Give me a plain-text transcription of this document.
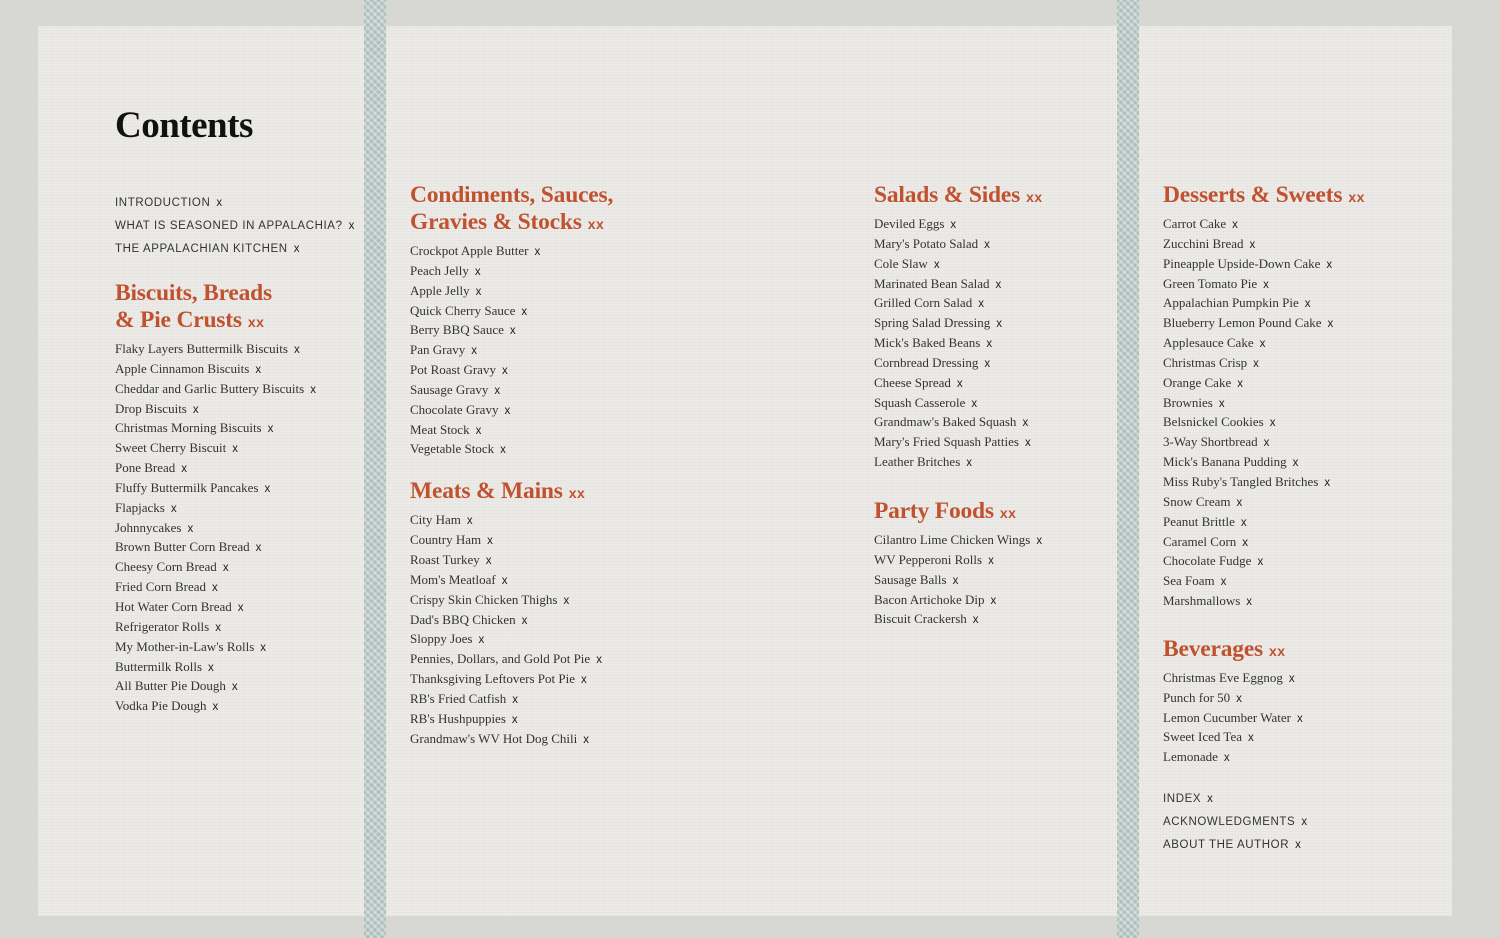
Contents
INTRODUCTION x
WHAT IS SEASONED IN APPALACHIA? x
THE APPALACHIAN KITCHEN x
Biscuits, Breads
& Pie Crusts xx
Flaky Layers Buttermilk Biscuits x
Apple Cinnamon Biscuits x
Cheddar and Garlic Buttery Biscuits x
Drop Biscuits x
Christmas Morning Biscuits x
Sweet Cherry Biscuit x
Pone Bread x
Fluffy Buttermilk Pancakes x
Flapjacks x
Johnnycakes x
Brown Butter Corn Bread x
Cheesy Corn Bread x
Fried Corn Bread x
Hot Water Corn Bread x
Refrigerator Rolls x
My Mother-in-Law's Rolls x
Buttermilk Rolls x
All Butter Pie Dough x
Vodka Pie Dough x
Condiments, Sauces,
Gravies & Stocks xx
Crockpot Apple Butter x
Peach Jelly x
Apple Jelly x
Quick Cherry Sauce x
Berry BBQ Sauce x
Pan Gravy x
Pot Roast Gravy x
Sausage Gravy x
Chocolate Gravy x
Meat Stock x
Vegetable Stock x
Meats & Mains xx
City Ham x
Country Ham x
Roast Turkey x
Mom's Meatloaf x
Crispy Skin Chicken Thighs x
Dad's BBQ Chicken x
Sloppy Joes x
Pennies, Dollars, and Gold Pot Pie x
Thanksgiving Leftovers Pot Pie x
RB's Fried Catfish x
RB's Hushpuppies x
Grandmaw's WV Hot Dog Chili x
Salads & Sides xx
Deviled Eggs x
Mary's Potato Salad x
Cole Slaw x
Marinated Bean Salad x
Grilled Corn Salad x
Spring Salad Dressing x
Mick's Baked Beans x
Cornbread Dressing x
Cheese Spread x
Squash Casserole x
Grandmaw's Baked Squash x
Mary's Fried Squash Patties x
Leather Britches x
Party Foods xx
Cilantro Lime Chicken Wings x
WV Pepperoni Rolls x
Sausage Balls x
Bacon Artichoke Dip x
Biscuit Crackersh x
Desserts & Sweets xx
Carrot Cake x
Zucchini Bread x
Pineapple Upside-Down Cake x
Green Tomato Pie x
Appalachian Pumpkin Pie x
Blueberry Lemon Pound Cake x
Applesauce Cake x
Christmas Crisp x
Orange Cake x
Brownies x
Belsnickel Cookies x
3-Way Shortbread x
Mick's Banana Pudding x
Miss Ruby's Tangled Britches x
Snow Cream x
Peanut Brittle x
Caramel Corn x
Chocolate Fudge x
Sea Foam x
Marshmallows x
Beverages xx
Christmas Eve Eggnog x
Punch for 50 x
Lemon Cucumber Water x
Sweet Iced Tea x
Lemonade x
INDEX x
ACKNOWLEDGMENTS x
ABOUT THE AUTHOR x
